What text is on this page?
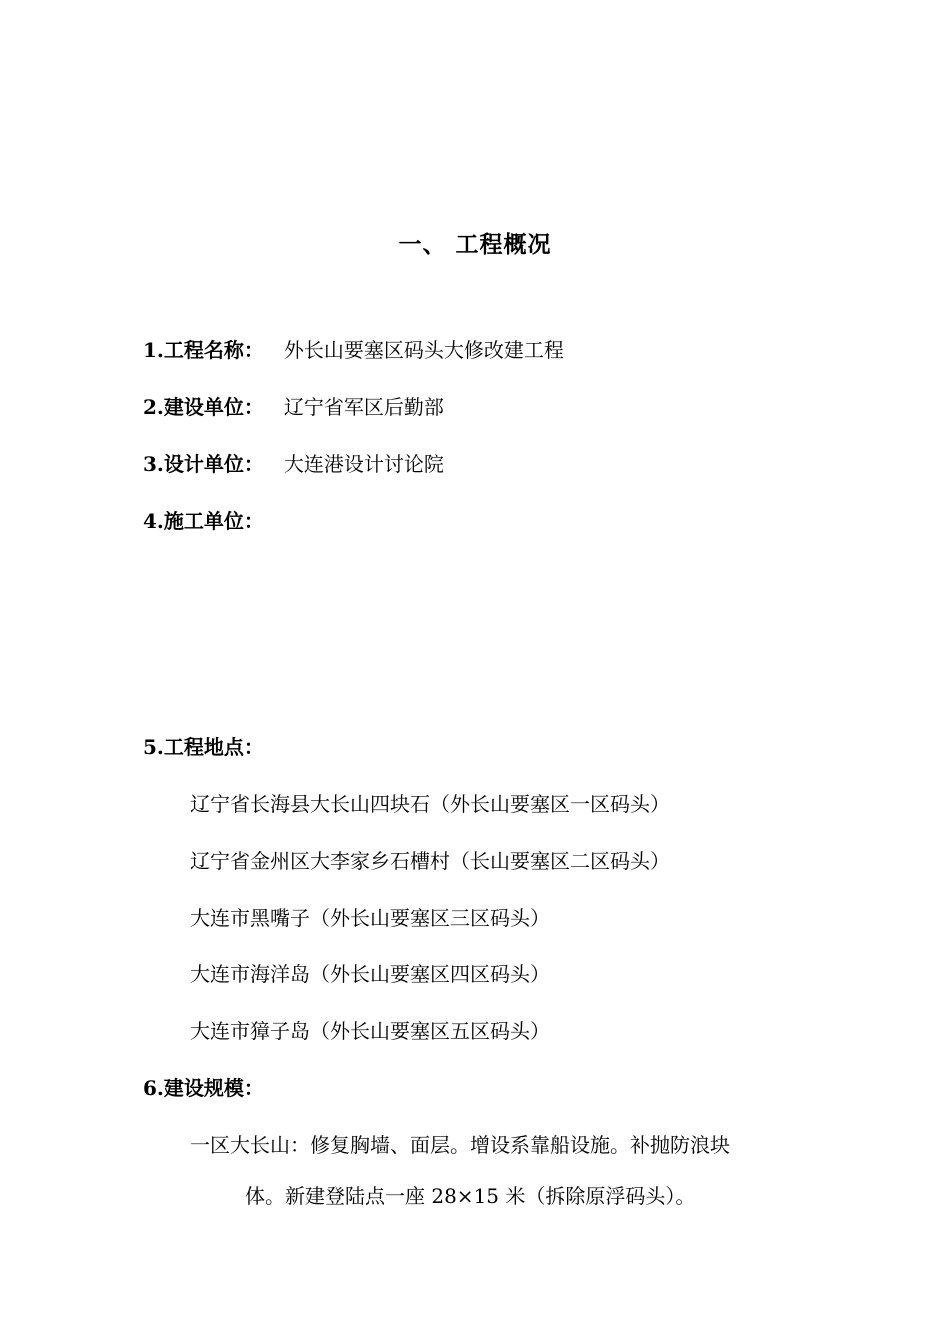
一、 工程概况
1.工程名称： 外长山要塞区码头大修改建工程
2.建设单位： 辽宁省军区后勤部
3.设计单位： 大连港设计讨论院
4.施工单位：
5.工程地点：
辽宁省长海县大长山四块石（外长山要塞区一区码头）
辽宁省金州区大李家乡石槽村（长山要塞区二区码头）
大连市黑嘴子（外长山要塞区三区码头）
大连市海洋岛（外长山要塞区四区码头）
大连市獐子岛（外长山要塞区五区码头）
6.建设规模：
一区大长山：修复胸墙、面层。增设系靠船设施。补抛防浪块
体。新建登陆点一座 28×15 米（拆除原浮码头）。
